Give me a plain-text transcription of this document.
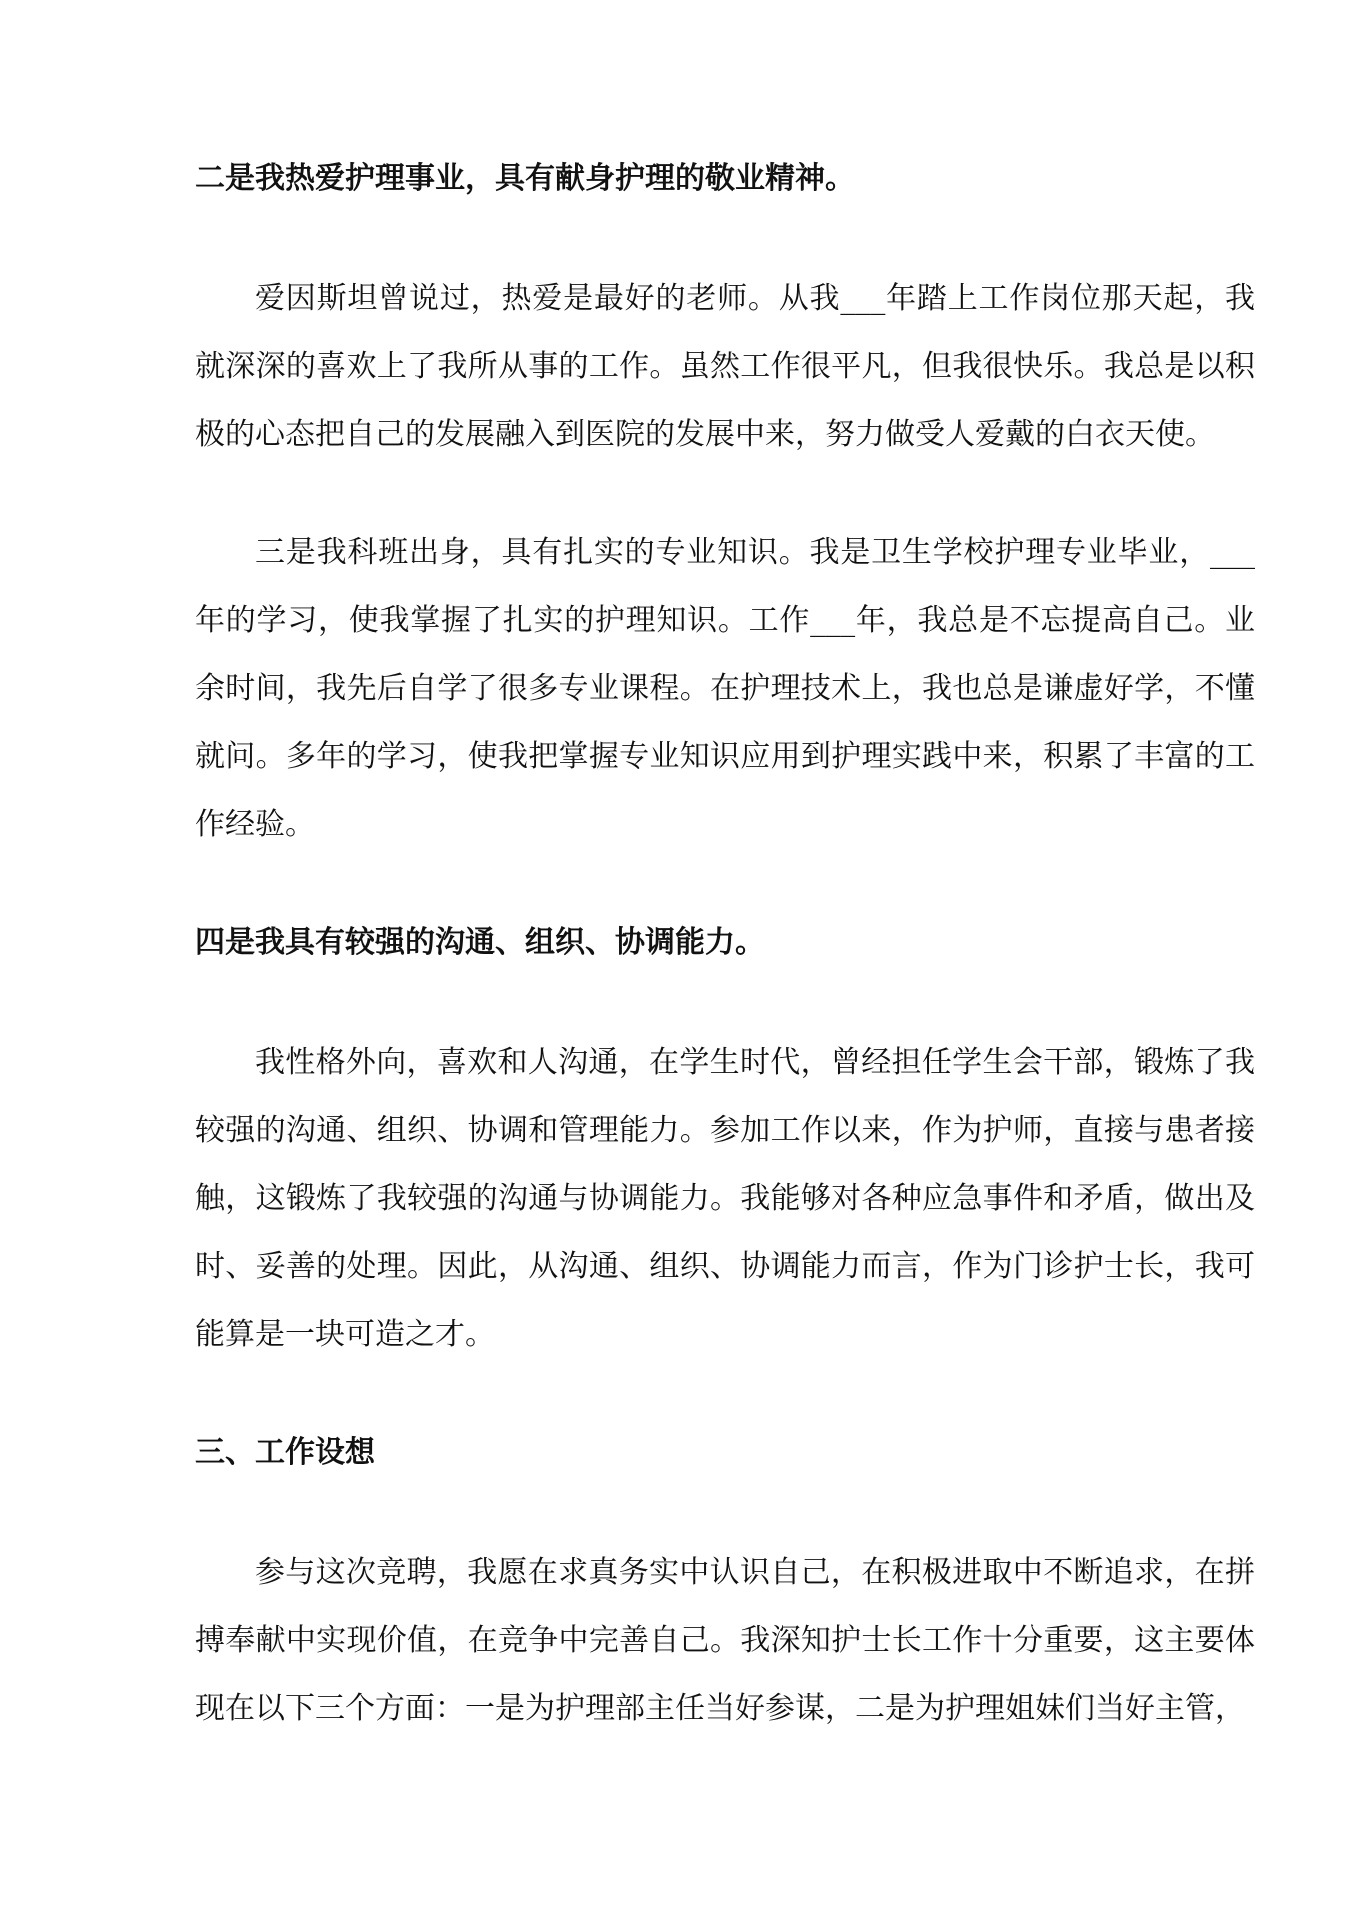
二是我热爱护理事业，具有献身护理的敬业精神。

爱因斯坦曾说过，热爱是最好的老师。从我___年踏上工作岗位那天起，我就深深的喜欢上了我所从事的工作。虽然工作很平凡，但我很快乐。我总是以积极的心态把自己的发展融入到医院的发展中来，努力做受人爱戴的白衣天使。

三是我科班出身，具有扎实的专业知识。我是卫生学校护理专业毕业，___年的学习，使我掌握了扎实的护理知识。工作___年，我总是不忘提高自己。业余时间，我先后自学了很多专业课程。在护理技术上，我也总是谦虚好学，不懂就问。多年的学习，使我把掌握专业知识应用到护理实践中来，积累了丰富的工作经验。

四是我具有较强的沟通、组织、协调能力。

我性格外向，喜欢和人沟通，在学生时代，曾经担任学生会干部，锻炼了我较强的沟通、组织、协调和管理能力。参加工作以来，作为护师，直接与患者接触，这锻炼了我较强的沟通与协调能力。我能够对各种应急事件和矛盾，做出及时、妥善的处理。因此，从沟通、组织、协调能力而言，作为门诊护士长，我可能算是一块可造之才。

三、工作设想

参与这次竞聘，我愿在求真务实中认识自己，在积极进取中不断追求，在拼搏奉献中实现价值，在竞争中完善自己。我深知护士长工作十分重要，这主要体现在以下三个方面：一是为护理部主任当好参谋，二是为护理姐妹们当好主管，
